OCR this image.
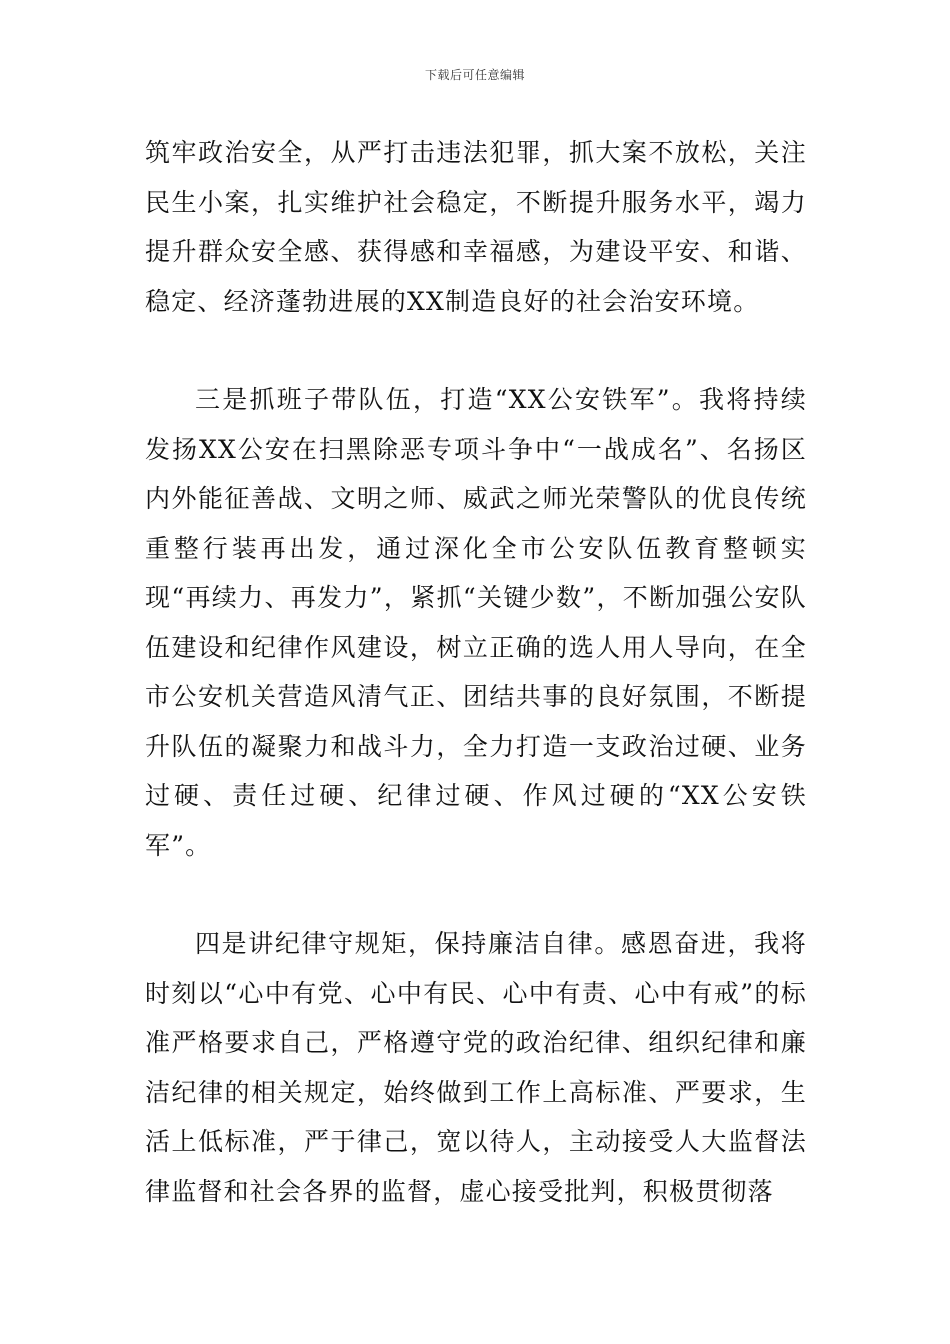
下载后可任意编辑

筑牢政治安全，从严打击违法犯罪，抓大案不放松，关注民生小案，扎实维护社会稳定，不断提升服务水平，竭力提升群众安全感、获得感和幸福感，为建设平安、和谐、稳定、经济蓬勃进展的XX制造良好的社会治安环境。

三是抓班子带队伍，打造“XX公安铁军”。我将持续发扬XX公安在扫黑除恶专项斗争中“一战成名”、名扬区内外能征善战、文明之师、威武之师光荣警队的优良传统重整行装再出发，通过深化全市公安队伍教育整顿实现“再续力、再发力”，紧抓“关键少数”，不断加强公安队伍建设和纪律作风建设，树立正确的选人用人导向，在全市公安机关营造风清气正、团结共事的良好氛围，不断提升队伍的凝聚力和战斗力，全力打造一支政治过硬、业务过硬、责任过硬、纪律过硬、作风过硬的“XX公安铁军”。

四是讲纪律守规矩，保持廉洁自律。感恩奋进，我将时刻以“心中有党、心中有民、心中有责、心中有戒”的标准严格要求自己，严格遵守党的政治纪律、组织纪律和廉洁纪律的相关规定，始终做到工作上高标准、严要求，生活上低标准，严于律己，宽以待人，主动接受人大监督法律监督和社会各界的监督，虚心接受批判，积极贯彻落
